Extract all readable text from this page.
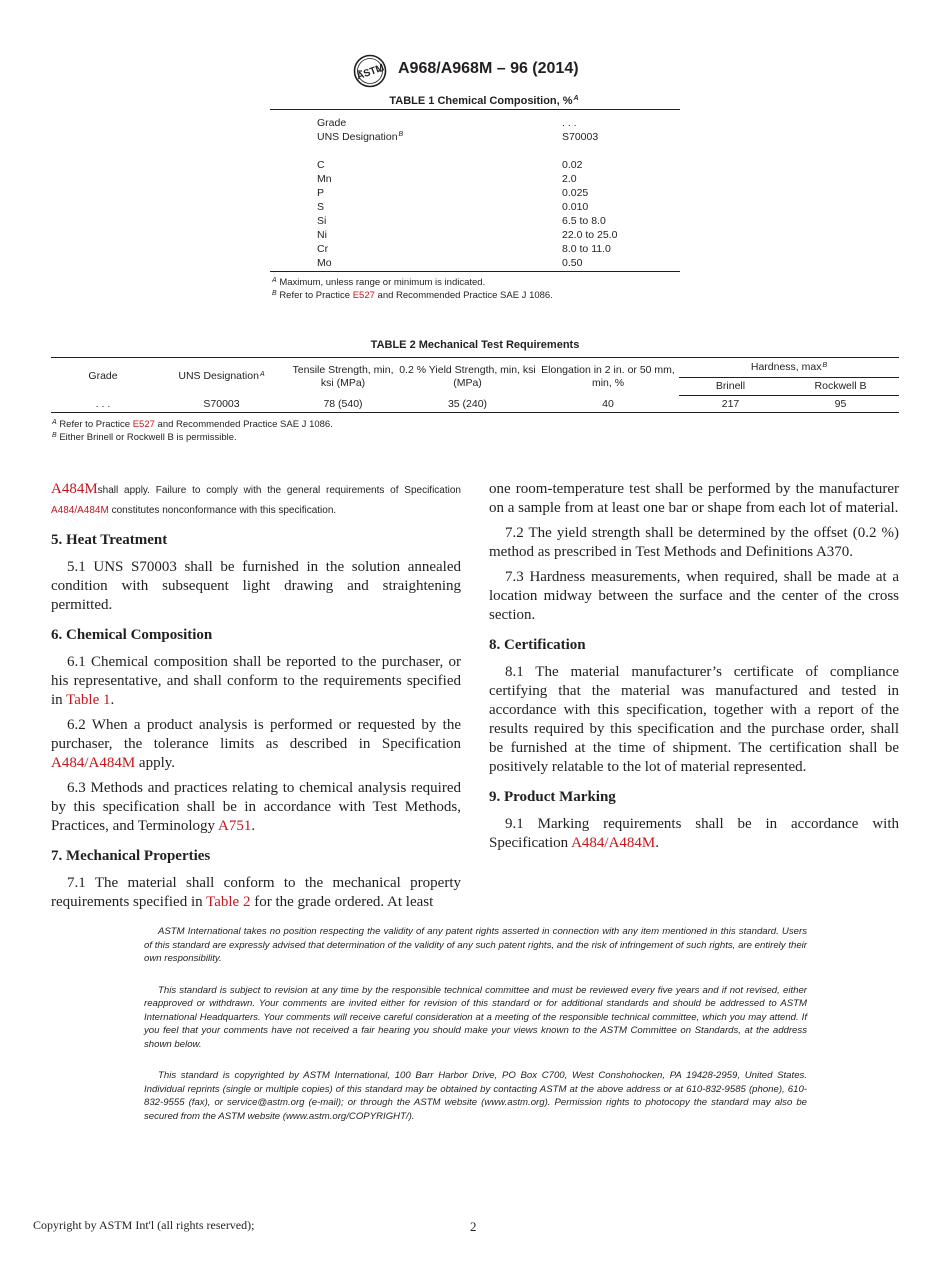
ASTM A968/A968M – 96 (2014)
TABLE 1 Chemical Composition, %$^A$
Grade	. . .
UNS Designation$^B$	S70003
C	0.02
Mn	2.0
P	0.025
S	0.010
Si	6.5 to 8.0
Ni	22.0 to 25.0
Cr	8.0 to 11.0
Mo	0.50
$^A$ Maximum, unless range or minimum is indicated.
$^B$ Refer to Practice E527 and Recommended Practice SAE J 1086.
TABLE 2 Mechanical Test Requirements
Grade	UNS Designation$^A$	Tensile Strength, min, ksi (MPa)	0.2 % Yield Strength, min, ksi (MPa)	Elongation in 2 in. or 50 mm, min, %	Hardness, $\max^B$
					Brinell	Rockwell B
. . .	S70003	78 (540)	35 (240)	40	217	95
$^A$ Refer to Practice E527 and Recommended Practice SAE J 1086.
$^B$ Either Brinell or Rockwell B is permissible.

A484Mshall apply. Failure to comply with the general requirements of Specification A484/A484M constitutes nonconformance with this specification.

5. Heat Treatment

5.1 UNS S70003 shall be furnished in the solution annealed condition with subsequent light drawing and straightening permitted.

6. Chemical Composition

6.1 Chemical composition shall be reported to the purchaser, or his representative, and shall conform to the requirements specified in Table 1.

6.2 When a product analysis is performed or requested by the purchaser, the tolerance limits as described in Specification A484/A484M apply.

6.3 Methods and practices relating to chemical analysis required by this specification shall be in accordance with Test Methods, Practices, and Terminology A751.

7. Mechanical Properties

7.1 The material shall conform to the mechanical property requirements specified in Table 2 for the grade ordered. At least

one room-temperature test shall be performed by the manufacturer on a sample from at least one bar or shape from each lot of material.

7.2 The yield strength shall be determined by the offset (0.2 %) method as prescribed in Test Methods and Definitions A370.

7.3 Hardness measurements, when required, shall be made at a location midway between the surface and the center of the cross section.

8. Certification

8.1 The material manufacturer’s certificate of compliance certifying that the material was manufactured and tested in accordance with this specification, together with a report of the results required by this specification and the purchase order, shall be furnished at the time of shipment. The certification shall be positively relatable to the lot of material represented.

9. Product Marking

9.1 Marking requirements shall be in accordance with Specification A484/A484M.

ASTM International takes no position respecting the validity of any patent rights asserted in connection with any item mentioned in this standard. Users of this standard are expressly advised that determination of the validity of any such patent rights, and the risk of infringement of such rights, are entirely their own responsibility.

This standard is subject to revision at any time by the responsible technical committee and must be reviewed every five years and if not revised, either reapproved or withdrawn. Your comments are invited either for revision of this standard or for additional standards and should be addressed to ASTM International Headquarters. Your comments will receive careful consideration at a meeting of the responsible technical committee, which you may attend. If you feel that your comments have not received a fair hearing you should make your views known to the ASTM Committee on Standards, at the address shown below.

This standard is copyrighted by ASTM International, 100 Barr Harbor Drive, PO Box C700, West Conshohocken, PA 19428-2959, United States. Individual reprints (single or multiple copies) of this standard may be obtained by contacting ASTM at the above address or at 610-832-9585 (phone), 610-832-9555 (fax), or service@astm.org (e-mail); or through the ASTM website (www.astm.org). Permission rights to photocopy the standard may also be secured from the ASTM website (www.astm.org/COPYRIGHT/).

Copyright by ASTM Int'l (all rights reserved);	2
